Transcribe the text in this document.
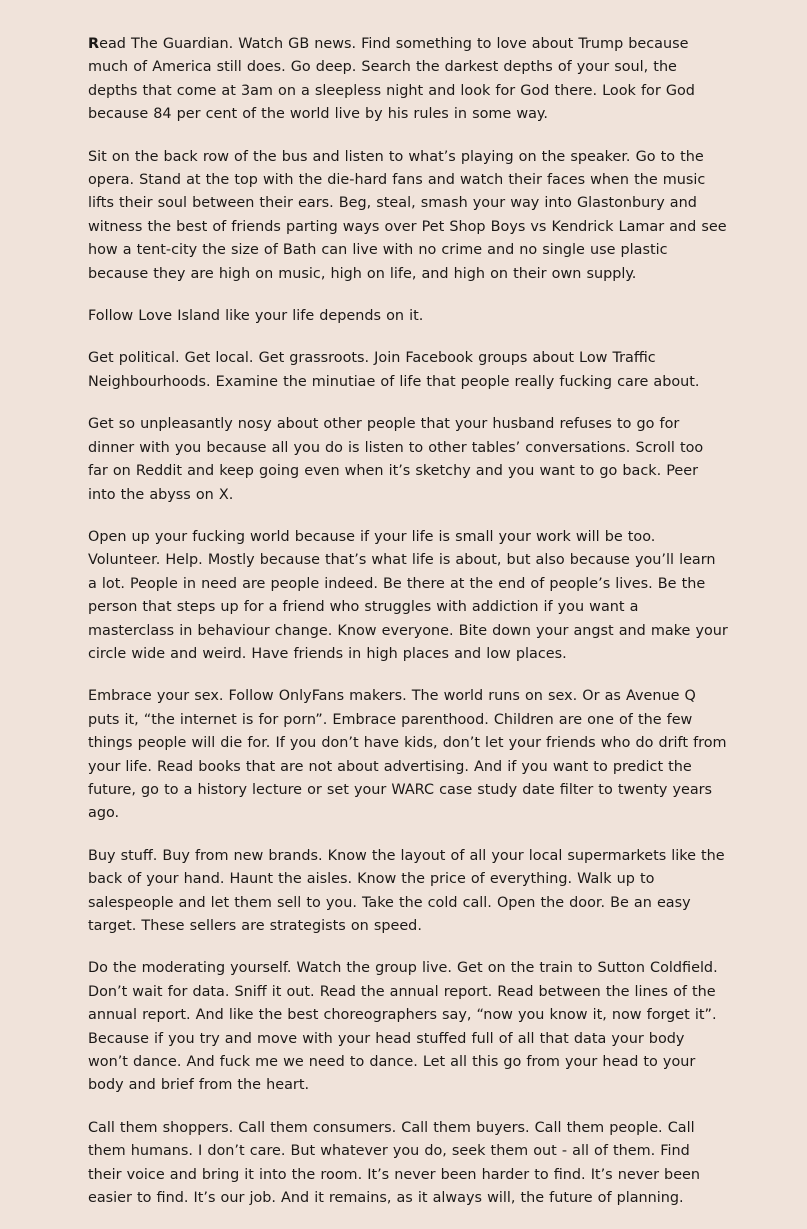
Read The Guardian. Watch GB news. Find something to love about Trump because much of America still does. Go deep. Search the darkest depths of your soul, the depths that come at 3am on a sleepless night and look for God there. Look for God because 84 per cent of the world live by his rules in some way.

Sit on the back row of the bus and listen to what’s playing on the speaker. Go to the opera. Stand at the top with the die-hard fans and watch their faces when the music lifts their soul between their ears. Beg, steal, smash your way into Glastonbury and witness the best of friends parting ways over Pet Shop Boys vs Kendrick Lamar and see how a tent-city the size of Bath can live with no crime and no single use plastic because they are high on music, high on life, and high on their own supply.

Follow Love Island like your life depends on it.

Get political. Get local. Get grassroots. Join Facebook groups about Low Traffic Neighbourhoods. Examine the minutiae of life that people really fucking care about.

Get so unpleasantly nosy about other people that your husband refuses to go for dinner with you because all you do is listen to other tables’ conversations. Scroll too far on Reddit and keep going even when it’s sketchy and you want to go back. Peer into the abyss on X.

Open up your fucking world because if your life is small your work will be too. Volunteer. Help. Mostly because that’s what life is about, but also because you’ll learn a lot. People in need are people indeed. Be there at the end of people’s lives. Be the person that steps up for a friend who struggles with addiction if you want a masterclass in behaviour change. Know everyone. Bite down your angst and make your circle wide and weird. Have friends in high places and low places.

Embrace your sex. Follow OnlyFans makers. The world runs on sex. Or as Avenue Q puts it, “the internet is for porn”. Embrace parenthood. Children are one of the few things people will die for. If you don’t have kids, don’t let your friends who do drift from your life. Read books that are not about advertising. And if you want to predict the future, go to a history lecture or set your WARC case study date filter to twenty years ago.

Buy stuff. Buy from new brands. Know the layout of all your local supermarkets like the back of your hand. Haunt the aisles. Know the price of everything. Walk up to salespeople and let them sell to you. Take the cold call. Open the door. Be an easy target. These sellers are strategists on speed.

Do the moderating yourself. Watch the group live. Get on the train to Sutton Coldfield. Don’t wait for data. Sniff it out. Read the annual report. Read between the lines of the annual report. And like the best choreographers say, “now you know it, now forget it”. Because if you try and move with your head stuffed full of all that data your body won’t dance. And fuck me we need to dance. Let all this go from your head to your body and brief from the heart.

Call them shoppers. Call them consumers. Call them buyers. Call them people. Call them humans. I don’t care. But whatever you do, seek them out - all of them. Find their voice and bring it into the room. It’s never been harder to find. It’s never been easier to find. It’s our job. And it remains, as it always will, the future of planning.
